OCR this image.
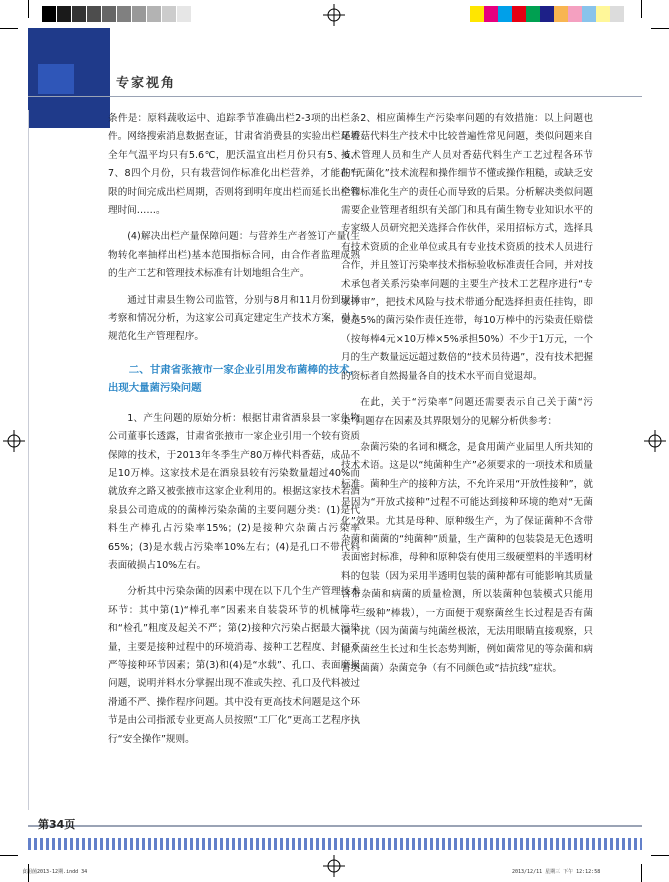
专家视角

条件是：原料蔬收运中、追踪季节准确出栏2-3项的出栏条件。网络搜索消息数据查证，甘肃省消费县的实验出栏环境全年气温平均只有5.6℃，肥沃温宜出栏月份只有5、6、7、8四个月份，只有栽营饲作标准化出栏营养，才能在有限的时间完成出栏周期，否则将到明年度出栏而延长出栏管理时间……。

(4)解决出栏产量保障问题：与营养生产者签订产量(生物转化率抽样出栏)基本范围指标合同，由合作者监理成熟的生产工艺和管理技术标准有计划地组合生产。

通过甘肃县生物公司监管，分别与8月和11月份到现场考察和情况分析，为这家公司真定建定生产技术方案，引入规范化生产管理程序。

二、甘肃省张掖市一家企业引用发布菌棒的技术，出现大量菌污染问题

1、产生问题的原始分析：根据甘肃省酒泉县一家生物公司董事长透露，甘肃省张掖市一家企业引用一个较有资质保障的技术，于2013年冬季生产80万棒代料香菇，成品不足10万棒。这家技术是在酒泉县较有污染数量超过40%而就放弃之路又被张掖市这家企业利用的。根据这家技术若酒泉县公司造成的的菌棒污染杂菌的主要问题分类：(1)是代料生产棒孔占污染率15%；(2)是接种穴杂菌占污染率65%；(3)是水载占污染率10%左右；(4)是孔口不带代料表面破损占10%左右。

分析其中污染杂菌的因素中现在以下几个生产管理技术环节：其中第(1)“棒孔率”因素来自装袋环节的机械筒节和“检孔”粗度及起关不严；第(2)接种穴污染占据最大污染量，主要是接种过程中的环境消毒、接种工艺程度、封口不严等接种环节因素；第(3)和(4)是“水载”、孔口、表面磨损问题，说明并料水分掌握出现不准或失控、孔口及代料被过滑通不严、操作程序问题。其中没有更高技术问题是这个环节是由公司指派专业更高人员按照“工厂化”更高工艺程序执行“安全操作”规则。

2、相应菌棒生产污染率问题的有效措施：以上问题也是香菇代料生产技术中比较普遍性常见问题，类似问题来自技术管理人员和生产人员对香菇代料生产工艺过程各环节的“无菌化”技术流程和操作细节不懂或操作粗糙，或缺乏安全和标准化生产的责任心而导致的后果。分析解决类似问题需要企业管理者组织有关部门和具有菌生物专业知识水平的专家级人员研究把关选择合作伙伴，采用招标方式，选择具有技术资质的企业单位或具有专业技术资质的技术人员进行合作，并且签订污染率技术指标验收标准责任合同，并对技术承包者关系污染率问题的主要生产技术工艺程序进行“专家评审”，把技术风险与技术带通分配选择担责任挂钩，即使是5%的菌污染作责任连带，每10万棒中的污染责任赔偿（按每棒4元×10万棒×5%承担50%）不少于1万元，一个月的生产数量远远超过数倍的“技术员待遇”，没有技术把握的资标者自然揭量各自的技术水平而自觉退却。

在此，关于“污染率”问题还需要表示自己关于菌“污染”问题存在因素及其界限划分的见解分析供参考：

杂菌污染的名词和概念，是食用菌产业届里人所共知的技术术语。这是以“纯菌种生产”必须要求的一项技术和质量标准。菌种生产的接种方法，不允许采用“开放性接种”，就是因为“开放式接种”过程不可能达到接种环境的绝对“无菌化”效果。尤其是母种、原种级生产，为了保证菌种不含带杂菌和菌菌的“纯菌种”质量，生产菌种的包装袋是无色透明表面密封标准，母种和原种袋有使用三级硬塑料的半透明材料的包装（因为采用半透明包装的菌种都有可能影响其质量含带杂菌和病菌的质量检测，所以装菌种包装模式只能用于“三级种”棒栽），一方面便于观察菌丝生长过程是否有菌菌干扰（因为菌菌与纯菌丝极浓，无法用眼睛直接观察，只能从菌丝生长过和生长态势判断，例如菌常见的等杂菌和病害类菌菌）杂菌竞争（有不同颜色或“拮抗线”症状。

第34页
食用菌2013-12期.indd 34	2013/12/11 星期三 下午 12:12:58
